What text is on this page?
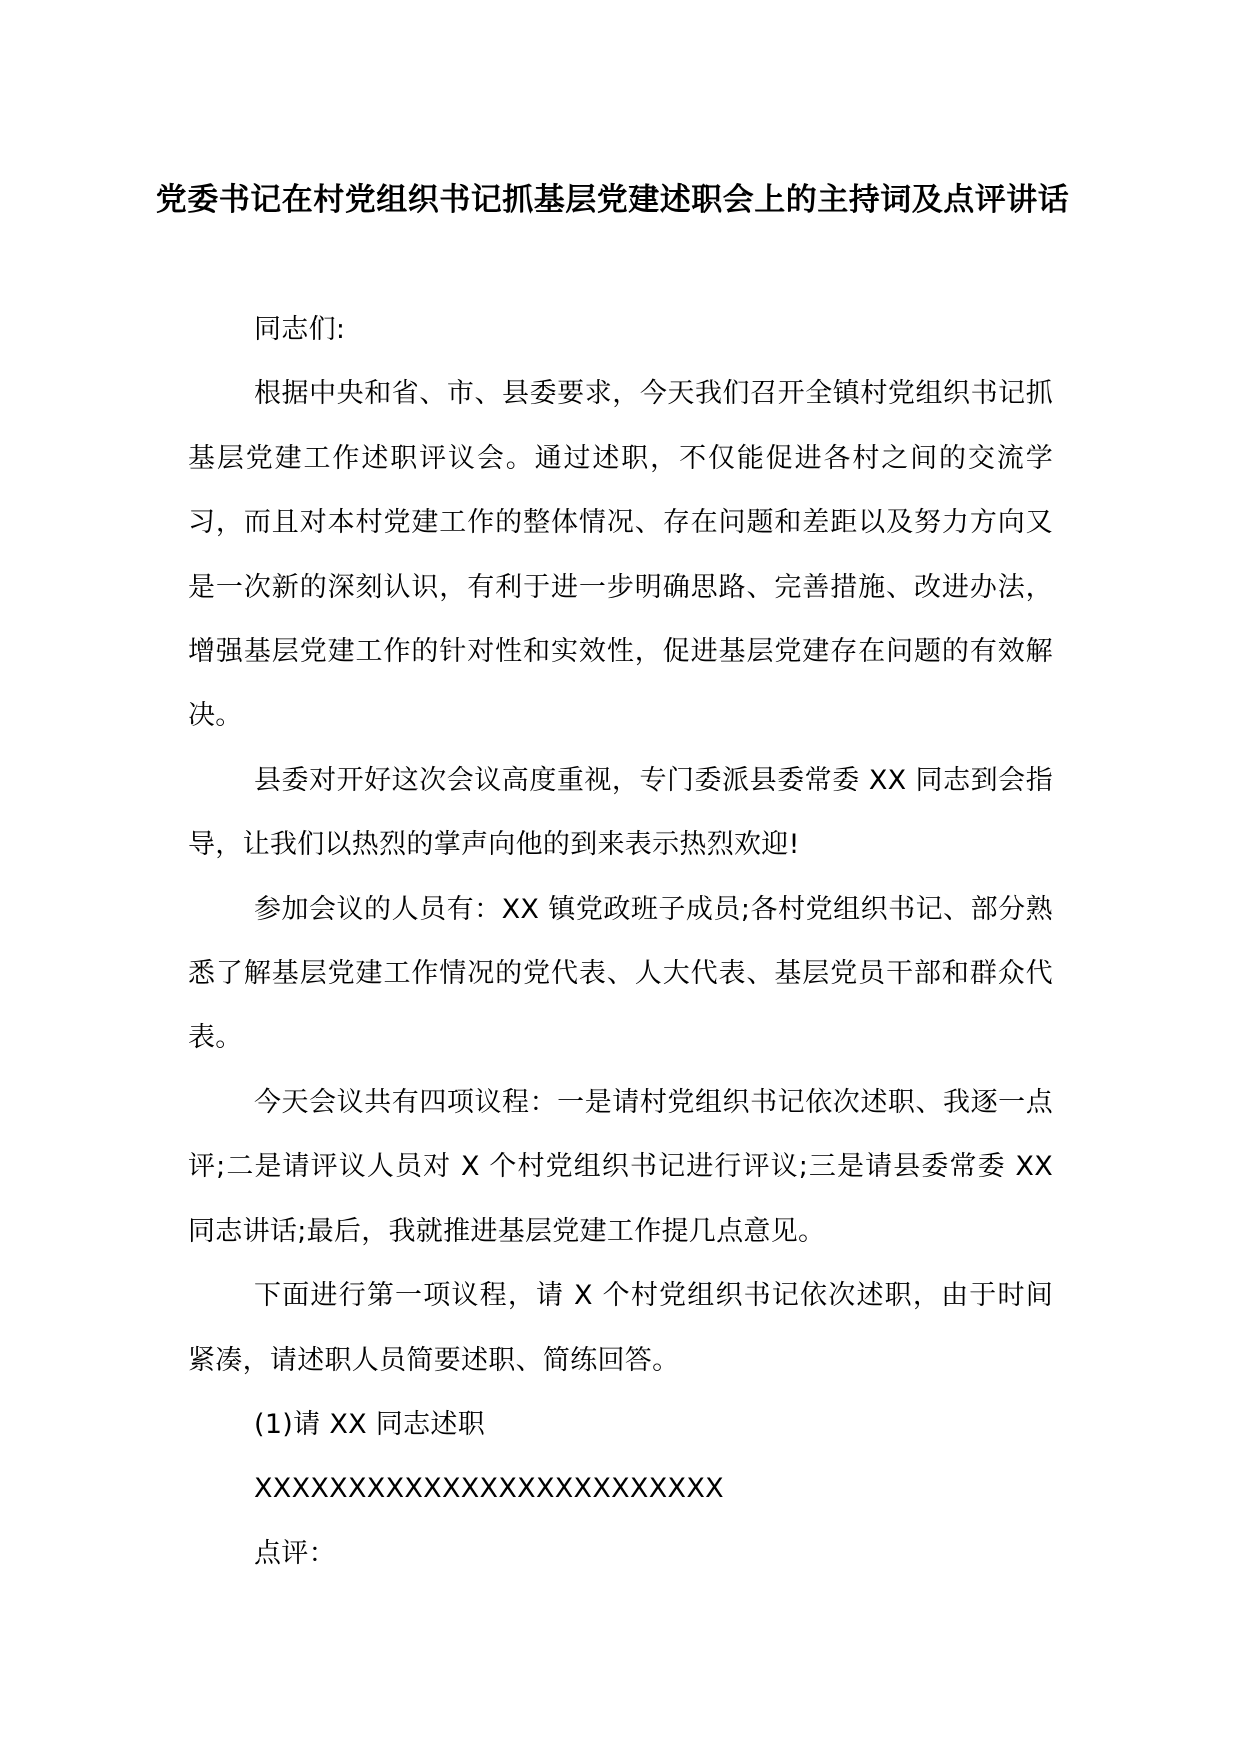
党委书记在村党组织书记抓基层党建述职会上的主持词及点评讲话

同志们:

根据中央和省、市、县委要求，今天我们召开全镇村党组织书记抓基层党建工作述职评议会。通过述职，不仅能促进各村之间的交流学习，而且对本村党建工作的整体情况、存在问题和差距以及努力方向又是一次新的深刻认识，有利于进一步明确思路、完善措施、改进办法，增强基层党建工作的针对性和实效性，促进基层党建存在问题的有效解决。

县委对开好这次会议高度重视，专门委派县委常委 XX 同志到会指导，让我们以热烈的掌声向他的到来表示热烈欢迎!

参加会议的人员有：XX 镇党政班子成员;各村党组织书记、部分熟悉了解基层党建工作情况的党代表、人大代表、基层党员干部和群众代表。

今天会议共有四项议程：一是请村党组织书记依次述职、我逐一点评;二是请评议人员对 X 个村党组织书记进行评议;三是请县委常委 XX 同志讲话;最后，我就推进基层党建工作提几点意见。

下面进行第一项议程，请 X 个村党组织书记依次述职，由于时间紧凑，请述职人员简要述职、简练回答。

(1)请 XX 同志述职

XXXXXXXXXXXXXXXXXXXXXXXXX

点评：
